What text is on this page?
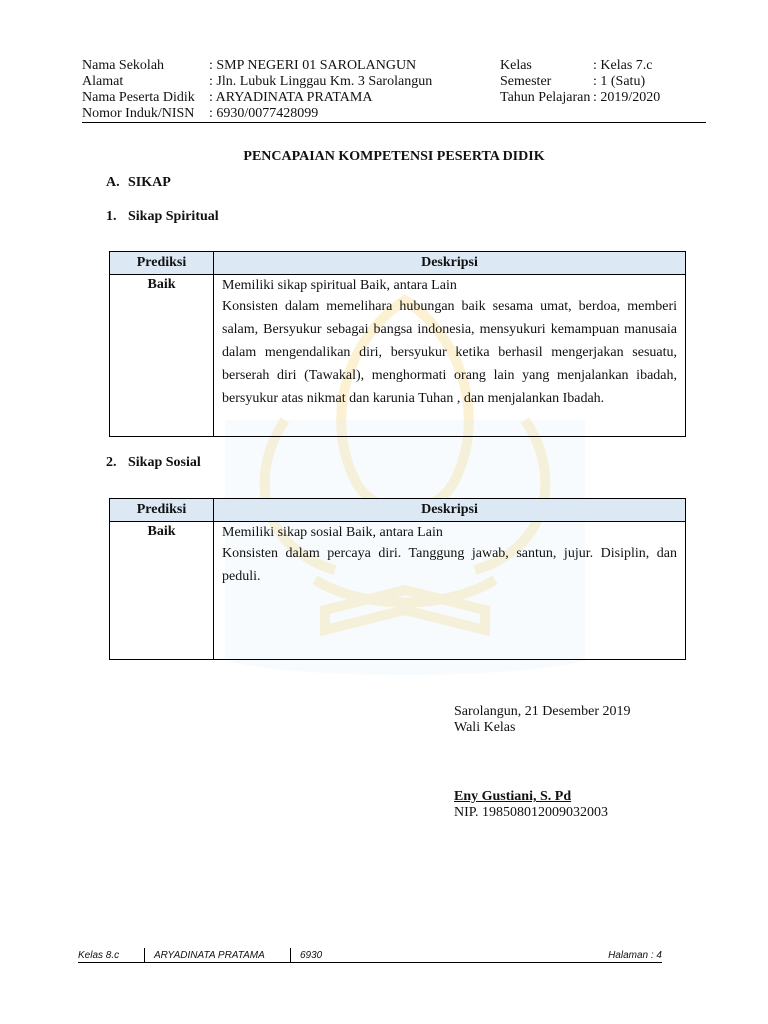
Nama Sekolah	: SMP NEGERI 01 SAROLANGUN	Kelas	: Kelas 7.c
Alamat	: Jln. Lubuk Linggau Km. 3 Sarolangun	Semester	: 1 (Satu)
Nama Peserta Didik : ARYADINATA PRATAMA	Tahun Pelajaran : 2019/2020
Nomor Induk/NISN : 6930/0077428099
PENCAPAIAN KOMPETENSI PESERTA DIDIK
A. SIKAP
1. Sikap Spiritual
Prediksi	Deskripsi
Baik	Memiliki sikap spiritual Baik, antara Lain
Konsisten dalam memelihara hubungan baik sesama umat, berdoa, memberi salam, Bersyukur sebagai bangsa indonesia, mensyukuri kemampuan manusaia dalam mengendalikan diri, bersyukur ketika berhasil mengerjakan sesuatu, berserah diri (Tawakal), menghormati orang lain yang menjalankan ibadah, bersyukur atas nikmat dan karunia Tuhan , dan menjalankan Ibadah.
2. Sikap Sosial
Prediksi	Deskripsi
Baik	Memiliki sikap sosial Baik, antara Lain
Konsisten dalam percaya diri. Tanggung jawab, santun, jujur. Disiplin, dan peduli.
Sarolangun, 21 Desember 2019
Wali Kelas
Eny Gustiani, S. Pd
NIP. 198508012009032003
Kelas 8.c	ARYADINATA PRATAMA	6930	Halaman : 4
